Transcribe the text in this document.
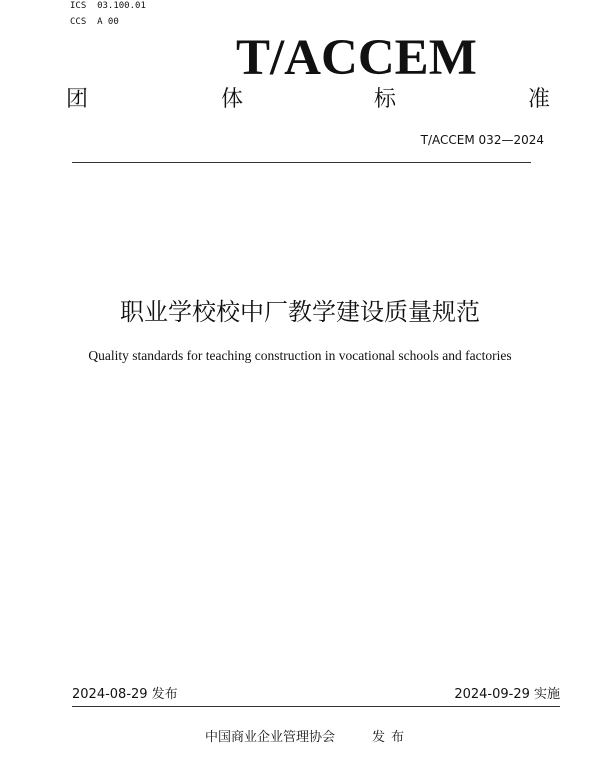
ICS  03.100.01
CCS  A 00
T/ACCEM
团	体	标	准
T/ACCEM 032—2024
职业学校校中厂教学建设质量规范
Quality standards for teaching construction in vocational schools and factories
2024-08-29 发布	2024-09-29 实施
中国商业企业管理协会	发布
